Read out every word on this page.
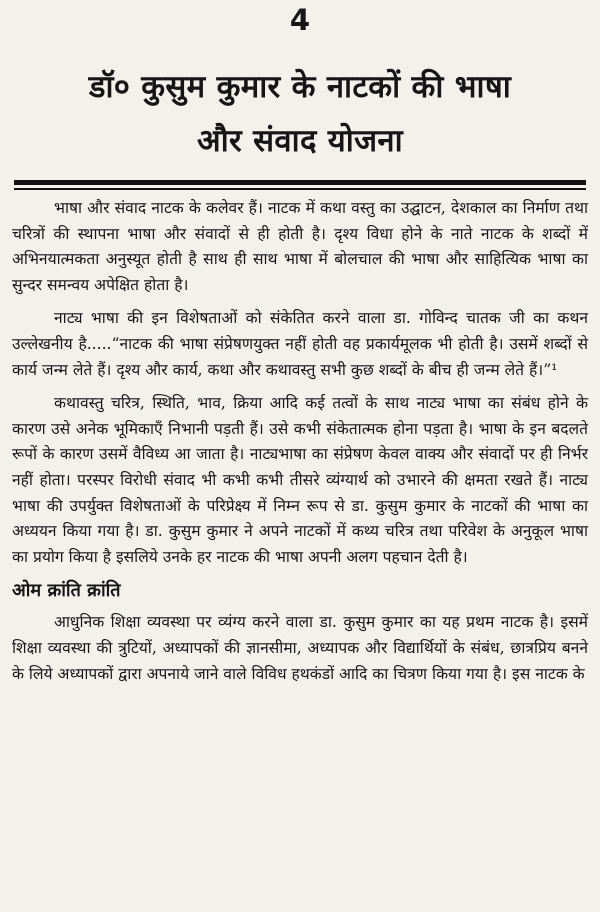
4
डॉ० कुसुम कुमार के नाटकों की भाषा
और संवाद योजना

भाषा और संवाद नाटक के कलेवर हैं। नाटक में कथा वस्तु का उद्घाटन, देशकाल का निर्माण तथा चरित्रों की स्थापना भाषा और संवादों से ही होती है। दृश्य विधा होने के नाते नाटक के शब्दों में अभिनयात्मकता अनुस्यूत होती है साथ ही साथ भाषा में बोलचाल की भाषा और साहित्यिक भाषा का सुन्दर समन्वय अपेक्षित होता है।

नाट्य भाषा की इन विशेषताओं को संकेतित करने वाला डा. गोविन्द चातक जी का कथन उल्लेखनीय है.....“नाटक की भाषा संप्रेषणयुक्त नहीं होती वह प्रकार्यमूलक भी होती है। उसमें शब्दों से कार्य जन्म लेते हैं। दृश्य और कार्य, कथा और कथावस्तु सभी कुछ शब्दों के बीच ही जन्म लेते हैं।”¹

कथावस्तु चरित्र, स्थिति, भाव, क्रिया आदि कई तत्वों के साथ नाट्य भाषा का संबंध होने के कारण उसे अनेक भूमिकाएँ निभानी पड़ती हैं। उसे कभी संकेतात्मक होना पड़ता है। भाषा के इन बदलते रूपों के कारण उसमें वैविध्य आ जाता है। नाट्यभाषा का संप्रेषण केवल वाक्य और संवादों पर ही निर्भर नहीं होता। परस्पर विरोधी संवाद भी कभी कभी तीसरे व्यंग्यार्थ को उभारने की क्षमता रखते हैं। नाट्य भाषा की उपर्युक्त विशेषताओं के परिप्रेक्ष्य में निम्न रूप से डा. कुसुम कुमार के नाटकों की भाषा का अध्ययन किया गया है। डा. कुसुम कुमार ने अपने नाटकों में कथ्य चरित्र तथा परिवेश के अनुकूल भाषा का प्रयोग किया है इसलिये उनके हर नाटक की भाषा अपनी अलग पहचान देती है।

ओम क्रांति क्रांति

आधुनिक शिक्षा व्यवस्था पर व्यंग्य करने वाला डा. कुसुम कुमार का यह प्रथम नाटक है। इसमें शिक्षा व्यवस्था की त्रुटियों, अध्यापकों की ज्ञानसीमा, अध्यापक और विद्यार्थियों के संबंध, छात्रप्रिय बनने के लिये अध्यापकों द्वारा अपनाये जाने वाले विविध हथकंडों आदि का चित्रण किया गया है। इस नाटक के
